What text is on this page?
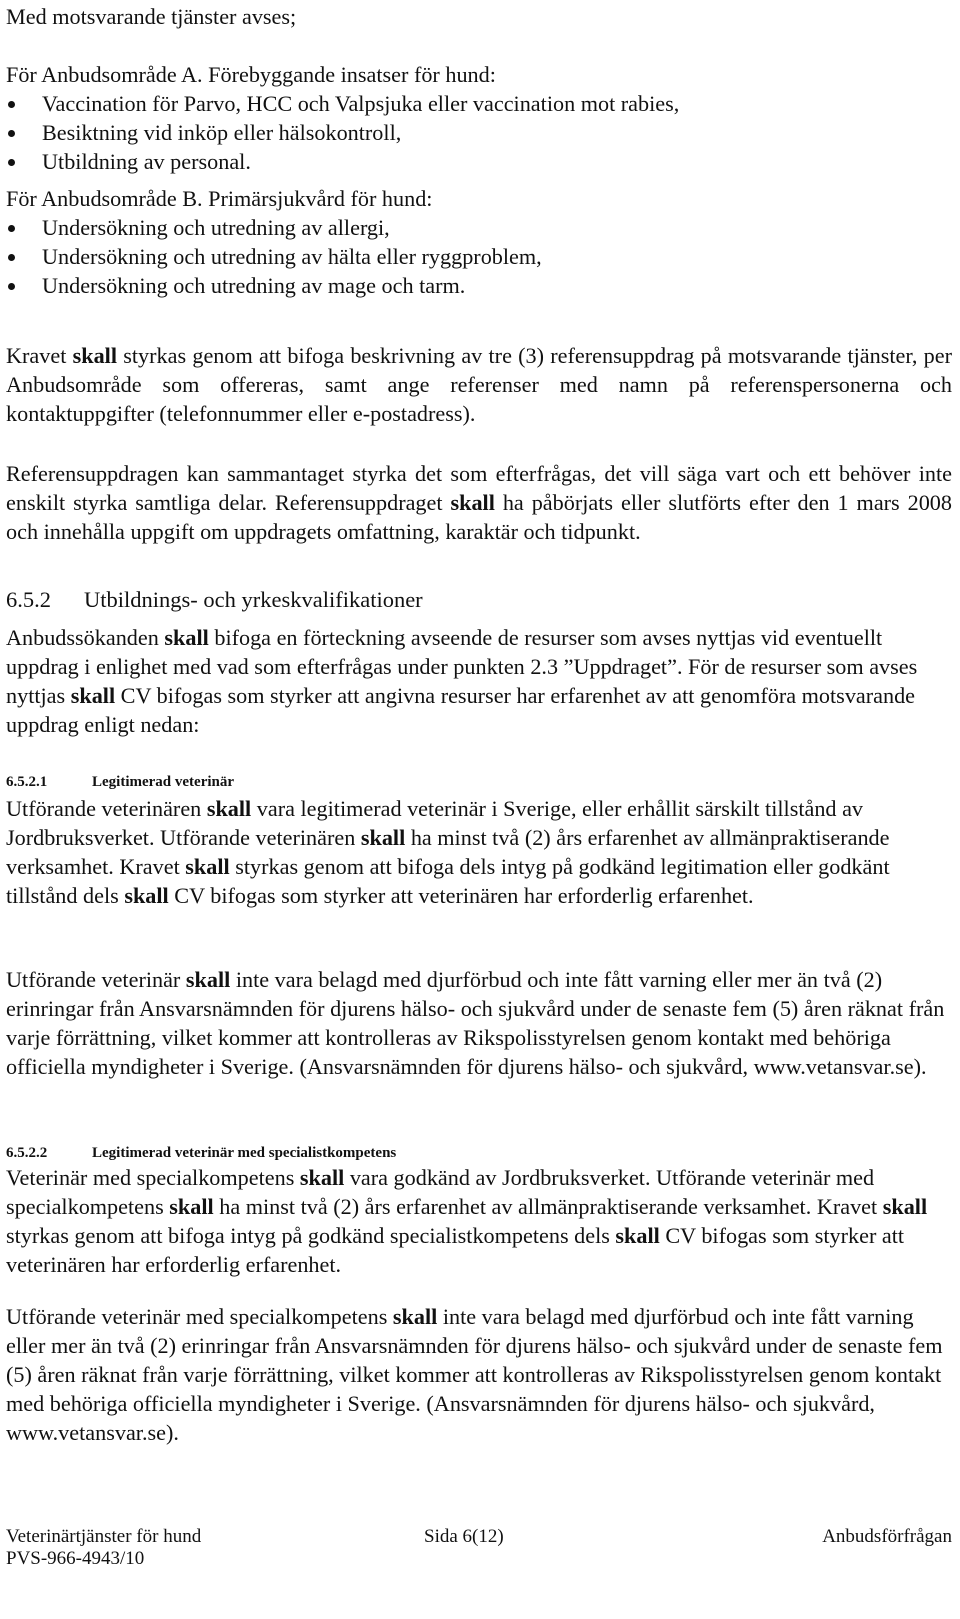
Med motsvarande tjänster avses;

För Anbudsområde A. Förebyggande insatser för hund:

Vaccination för Parvo, HCC och Valpsjuka eller vaccination mot rabies,
Besiktning vid inköp eller hälsokontroll,
Utbildning av personal.

För Anbudsområde B. Primärsjukvård för hund:

Undersökning och utredning av allergi,
Undersökning och utredning av hälta eller ryggproblem,
Undersökning och utredning av mage och tarm.

Kravet skall styrkas genom att bifoga beskrivning av tre (3) referensuppdrag på motsvarande tjänster, per Anbudsområde som offereras, samt ange referenser med namn på referenspersonerna och kontaktuppgifter (telefonnummer eller e-postadress).

Referensuppdragen kan sammantaget styrka det som efterfrågas, det vill säga vart och ett behöver inte enskilt styrka samtliga delar. Referensuppdraget skall ha påbörjats eller slutförts efter den 1 mars 2008 och innehålla uppgift om uppdragets omfattning, karaktär och tidpunkt.

6.5.2 Utbildnings- och yrkeskvalifikationer

Anbudssökanden skall bifoga en förteckning avseende de resurser som avses nyttjas vid eventuellt uppdrag i enlighet med vad som efterfrågas under punkten 2.3 ”Uppdraget”. För de resurser som avses nyttjas skall CV bifogas som styrker att angivna resurser har erfarenhet av att genomföra motsvarande uppdrag enligt nedan:

6.5.2.1	Legitimerad veterinär

Utförande veterinären skall vara legitimerad veterinär i Sverige, eller erhållit särskilt tillstånd av Jordbruksverket. Utförande veterinären skall ha minst två (2) års erfarenhet av allmänpraktiserande verksamhet. Kravet skall styrkas genom att bifoga dels intyg på godkänd legitimation eller godkänt tillstånd dels skall CV bifogas som styrker att veterinären har erforderlig erfarenhet.

Utförande veterinär skall inte vara belagd med djurförbud och inte fått varning eller mer än två (2) erinringar från Ansvarsnämnden för djurens hälso- och sjukvård under de senaste fem (5) åren räknat från varje förrättning, vilket kommer att kontrolleras av Rikspolisstyrelsen genom kontakt med behöriga officiella myndigheter i Sverige. (Ansvarsnämnden för djurens hälso- och sjukvård, www.vetansvar.se).

6.5.2.2	Legitimerad veterinär med specialistkompetens

Veterinär med specialkompetens skall vara godkänd av Jordbruksverket. Utförande veterinär med specialkompetens skall ha minst två (2) års erfarenhet av allmänpraktiserande verksamhet. Kravet skall styrkas genom att bifoga intyg på godkänd specialistkompetens dels skall CV bifogas som styrker att veterinären har erforderlig erfarenhet.

Utförande veterinär med specialkompetens skall inte vara belagd med djurförbud och inte fått varning eller mer än två (2) erinringar från Ansvarsnämnden för djurens hälso- och sjukvård under de senaste fem (5) åren räknat från varje förrättning, vilket kommer att kontrolleras av Rikspolisstyrelsen genom kontakt med behöriga officiella myndigheter i Sverige. (Ansvarsnämnden för djurens hälso- och sjukvård, www.vetansvar.se).

Veterinärtjänster för hund
PVS-966-4943/10
Sida 6(12)	Anbudsförfrågan
